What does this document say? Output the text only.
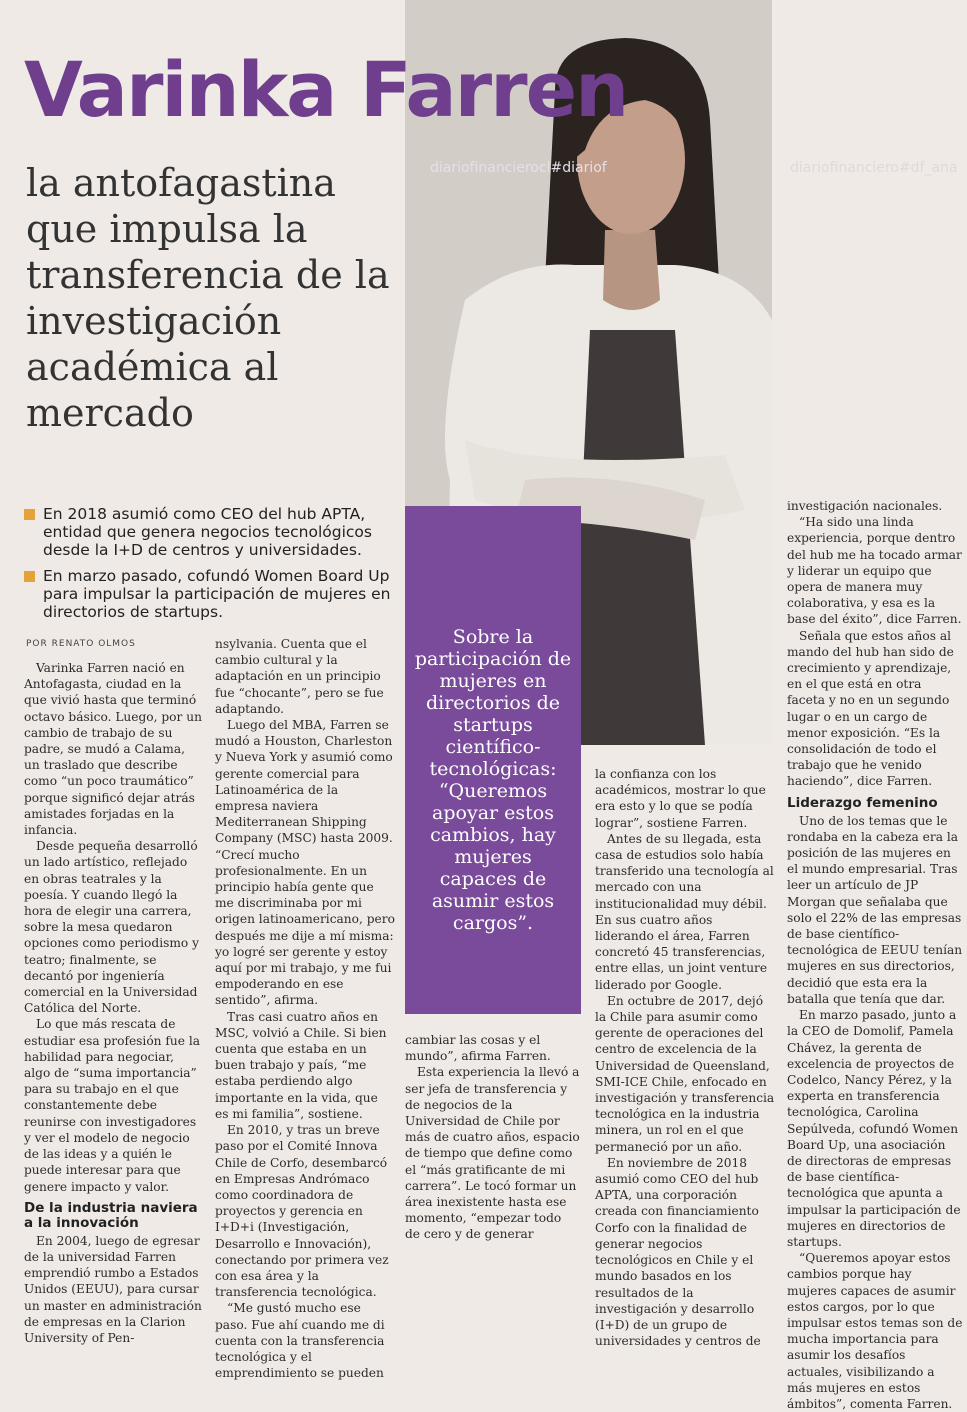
diariofinancierocl#diariof	diariofinanciero#df_ana
Varinka Farren
la antofagastina que impulsa la transferencia de la investigación académica al mercado
En 2018 asumió como CEO del hub APTA, entidad que genera negocios tecnológicos desde la I+D de centros y universidades.
En marzo pasado, cofundó Women Board Up para impulsar la participación de mujeres en directorios de startups.
POR RENATO OLMOS

Varinka Farren nació en Antofagasta, ciudad en la que vivió hasta que terminó octavo básico. Luego, por un cambio de trabajo de su padre, se mudó a Calama, un traslado que describe como “un poco traumático” porque significó dejar atrás amistades forjadas en la infancia.

Desde pequeña desarrolló un lado artístico, reflejado en obras teatrales y la poesía. Y cuando llegó la hora de elegir una carrera, sobre la mesa quedaron opciones como periodismo y teatro; finalmente, se decantó por ingeniería comercial en la Universidad Católica del Norte.

Lo que más rescata de estudiar esa profesión fue la habilidad para negociar, algo de “suma importancia” para su trabajo en el que constantemente debe reunirse con investigadores y ver el modelo de negocio de las ideas y a quién le puede interesar para que genere impacto y valor.

De la industria naviera a la innovación

En 2004, luego de egresar de la universidad Farren emprendió rumbo a Estados Unidos (EEUU), para cursar un master en administración de empresas en la Clarion University of Pen-

nsylvania. Cuenta que el cambio cultural y la adaptación en un principio fue “chocante”, pero se fue adaptando.

Luego del MBA, Farren se mudó a Houston, Charleston y Nueva York y asumió como gerente comercial para Latinoamérica de la empresa naviera Mediterranean Shipping Company (MSC) hasta 2009. “Crecí mucho profesionalmente. En un principio había gente que me discriminaba por mi origen latinoamericano, pero después me dije a mí misma: yo logré ser gerente y estoy aquí por mi trabajo, y me fui empoderando en ese sentido”, afirma.

Tras casi cuatro años en MSC, volvió a Chile. Si bien cuenta que estaba en un buen trabajo y país, “me estaba perdiendo algo importante en la vida, que es mi familia”, sostiene.

En 2010, y tras un breve paso por el Comité Innova Chile de Corfo, desembarcó en Empresas Andrómaco como coordinadora de proyectos y gerencia en I+D+i (Investigación, Desarrollo e Innovación), conectando por primera vez con esa área y la transferencia tecnológica.

“Me gustó mucho ese paso. Fue ahí cuando me di cuenta con la transferencia tecnológica y el emprendimiento se pueden

Sobre la participación de mujeres en directorios de startups científico-tecnológicas:
“Queremos apoyar estos cambios, hay mujeres capaces de asumir estos cargos”.

cambiar las cosas y el mundo”, afirma Farren.

Esta experiencia la llevó a ser jefa de transferencia y de negocios de la Universidad de Chile por más de cuatro años, espacio de tiempo que define como el “más gratificante de mi carrera”. Le tocó formar un área inexistente hasta ese momento, “empezar todo de cero y de generar

la confianza con los académicos, mostrar lo que era esto y lo que se podía lograr”, sostiene Farren.

Antes de su llegada, esta casa de estudios solo había transferido una tecnología al mercado con una institucionalidad muy débil. En sus cuatro años liderando el área, Farren concretó 45 transferencias, entre ellas, un joint venture liderado por Google.

En octubre de 2017, dejó la Chile para asumir como gerente de operaciones del centro de excelencia de la Universidad de Queensland, SMI-ICE Chile, enfocado en investigación y transferencia tecnológica en la industria minera, un rol en el que permaneció por un año.

En noviembre de 2018 asumió como CEO del hub APTA, una corporación creada con financiamiento Corfo con la finalidad de generar negocios tecnológicos en Chile y el mundo basados en los resultados de la investigación y desarrollo (I+D) de un grupo de universidades y centros de

investigación nacionales.

“Ha sido una linda experiencia, porque dentro del hub me ha tocado armar y liderar un equipo que opera de manera muy colaborativa, y esa es la base del éxito”, dice Farren.

Señala que estos años al mando del hub han sido de crecimiento y aprendizaje, en el que está en otra faceta y no en un segundo lugar o en un cargo de menor exposición. “Es la consolidación de todo el trabajo que he venido haciendo”, dice Farren.

Liderazgo femenino

Uno de los temas que le rondaba en la cabeza era la posición de las mujeres en el mundo empresarial. Tras leer un artículo de JP Morgan que señalaba que solo el 22% de las empresas de base científico-tecnológica de EEUU tenían mujeres en sus directorios, decidió que esta era la batalla que tenía que dar.

En marzo pasado, junto a la CEO de Domolif, Pamela Chávez, la gerenta de excelencia de proyectos de Codelco, Nancy Pérez, y la experta en transferencia tecnológica, Carolina Sepúlveda, cofundó Women Board Up, una asociación de directoras de empresas de base científica-tecnológica que apunta a impulsar la participación de mujeres en directorios de startups.

“Queremos apoyar estos cambios porque hay mujeres capaces de asumir estos cargos, por lo que impulsar estos temas son de mucha importancia para asumir los desafíos actuales, visibilizando a más mujeres en estos ámbitos”, comenta Farren.
